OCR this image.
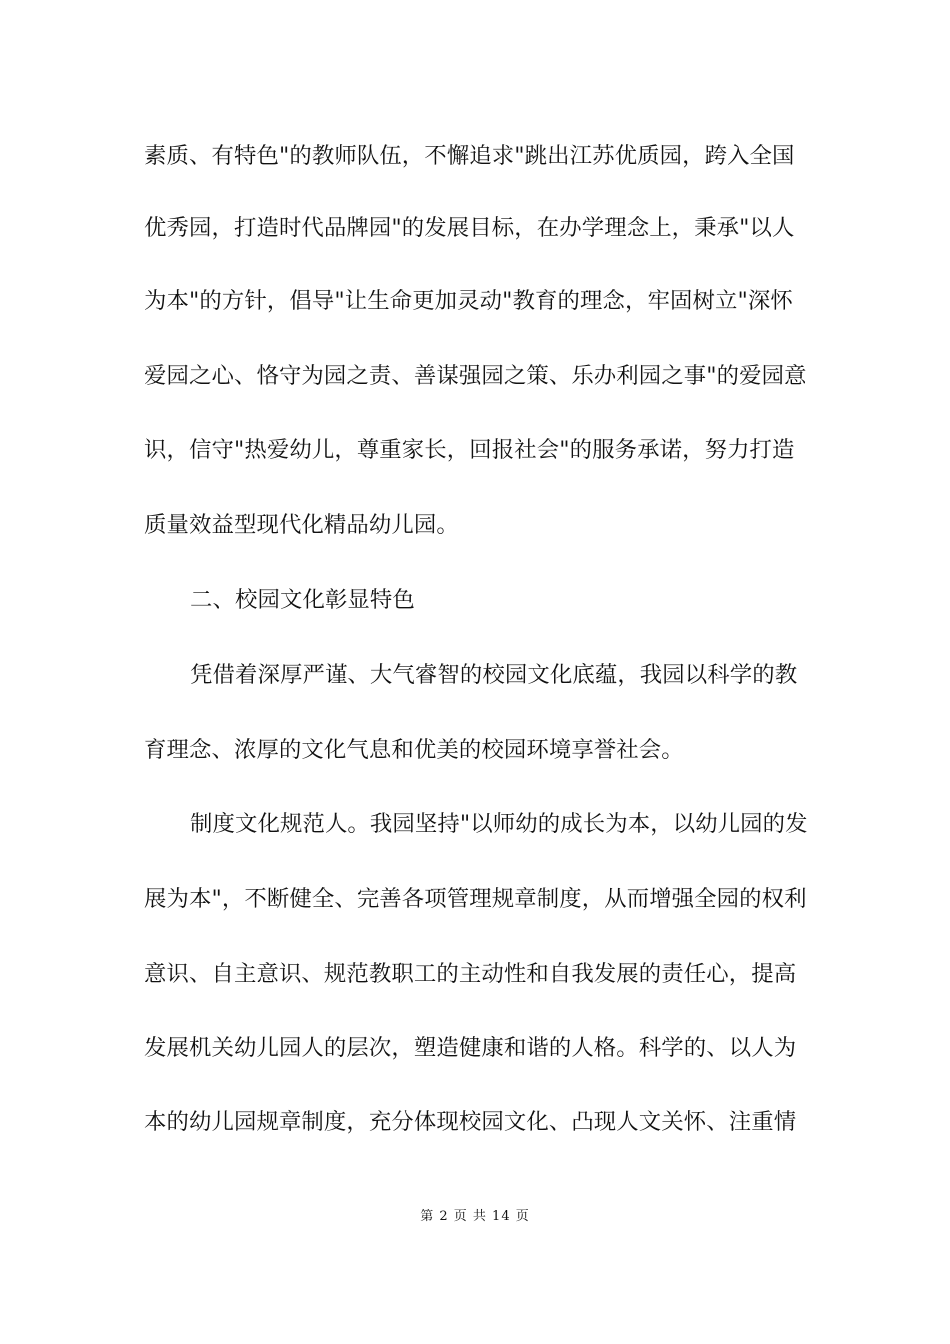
素质、有特色"的教师队伍，不懈追求"跳出江苏优质园，跨入全国

优秀园，打造时代品牌园"的发展目标，在办学理念上，秉承"以人

为本"的方针，倡导"让生命更加灵动"教育的理念，牢固树立"深怀

爱园之心、恪守为园之责、善谋强园之策、乐办利园之事"的爱园意

识，信守"热爱幼儿，尊重家长，回报社会"的服务承诺，努力打造

质量效益型现代化精品幼儿园。

二、校园文化彰显特色

凭借着深厚严谨、大气睿智的校园文化底蕴，我园以科学的教

育理念、浓厚的文化气息和优美的校园环境享誉社会。

制度文化规范人。我园坚持"以师幼的成长为本，以幼儿园的发

展为本"，不断健全、完善各项管理规章制度，从而增强全园的权利

意识、自主意识、规范教职工的主动性和自我发展的责任心，提高

发展机关幼儿园人的层次，塑造健康和谐的人格。科学的、以人为

本的幼儿园规章制度，充分体现校园文化、凸现人文关怀、注重情

第 2 页 共 14 页
